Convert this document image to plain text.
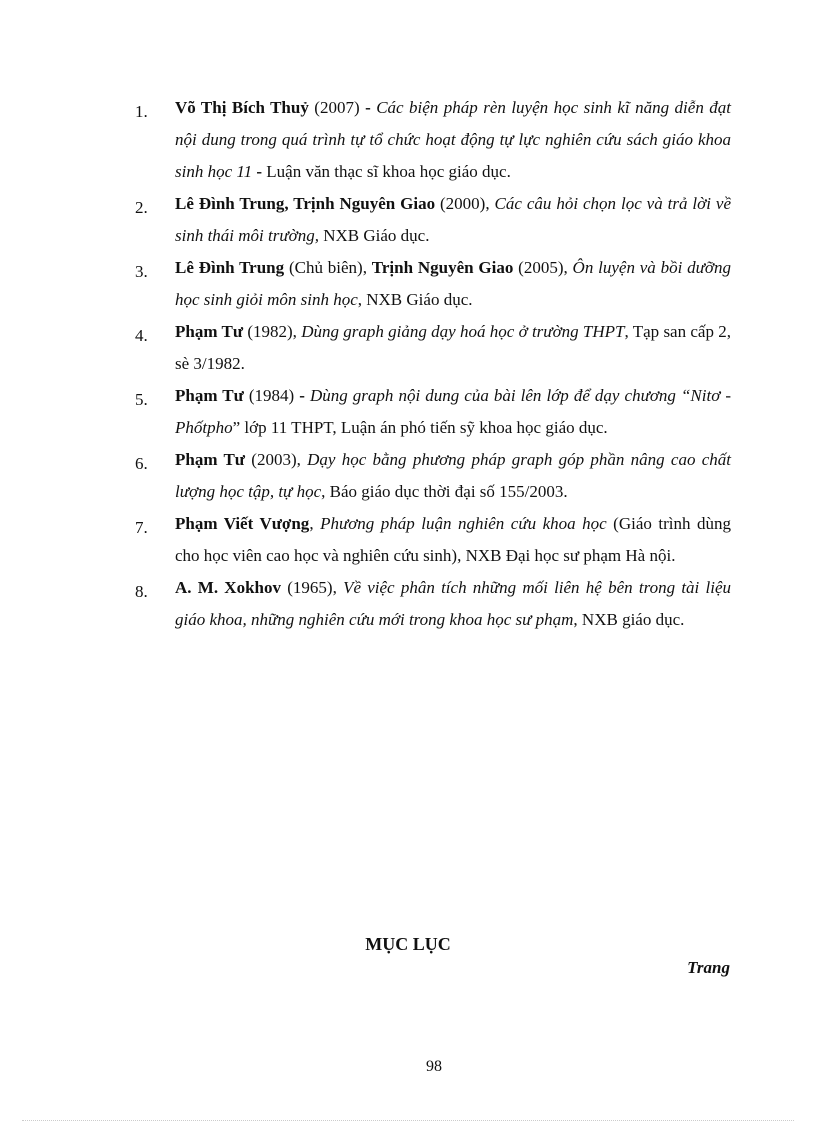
1. Võ Thị Bích Thuỷ (2007) - Các biện pháp rèn luyện học sinh kĩ năng diễn đạt nội dung trong quá trình tự tổ chức hoạt động tự lực nghiên cứu sách giáo khoa sinh học 11 - Luận văn thạc sĩ khoa học giáo dục.
2. Lê Đình Trung, Trịnh Nguyên Giao (2000), Các câu hỏi chọn lọc và trả lời về sinh thái môi trường, NXB Giáo dục.
3. Lê Đình Trung (Chủ biên), Trịnh Nguyên Giao (2005), Ôn luyện và bồi dưỡng học sinh giỏi môn sinh học, NXB Giáo dục.
4. Phạm Tư (1982), Dùng graph giảng dạy hoá học ở trường THPT, Tạp san cấp 2, sè 3/1982.
5. Phạm Tư (1984) - Dùng graph nội dung của bài lên lớp để dạy chương “Nitơ - Phốtpho” lớp 11 THPT, Luận án phó tiến sỹ khoa học giáo dục.
6. Phạm Tư (2003), Dạy học bằng phương pháp graph góp phần nâng cao chất lượng học tập, tự học, Báo giáo dục thời đại số 155/2003.
7. Phạm Viết Vượng, Phương pháp luận nghiên cứu khoa học (Giáo trình dùng cho học viên cao học và nghiên cứu sinh), NXB Đại học sư phạm Hà nội.
8. A. M. Xokhov (1965), Về việc phân tích những mối liên hệ bên trong tài liệu giáo khoa, những nghiên cứu mới trong khoa học sư phạm, NXB giáo dục.
MỤC LỤC
Trang
98
